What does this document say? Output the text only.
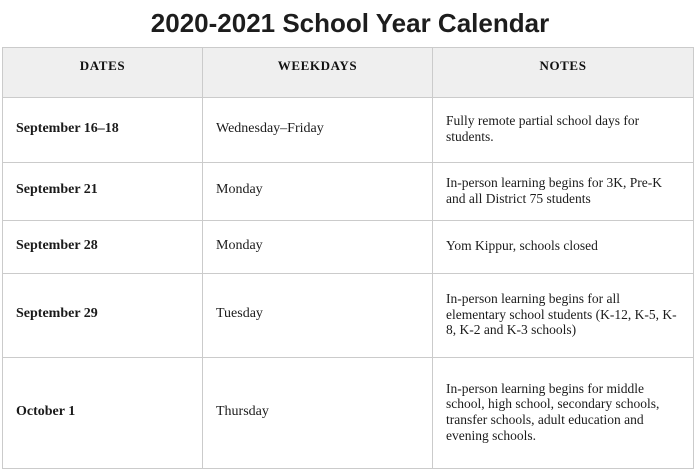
2020-2021 School Year Calendar
DATES	WEEKDAYS	NOTES
September 16–18	Wednesday–Friday	Fully remote partial school days for students.
September 21	Monday	In-person learning begins for 3K, Pre-K and all District 75 students
September 28	Monday	Yom Kippur, schools closed
September 29	Tuesday	In-person learning begins for all elementary school students (K-12, K-5, K-8, K-2 and K-3 schools)
October 1	Thursday	In-person learning begins for middle school, high school, secondary schools, transfer schools, adult education and evening schools.
